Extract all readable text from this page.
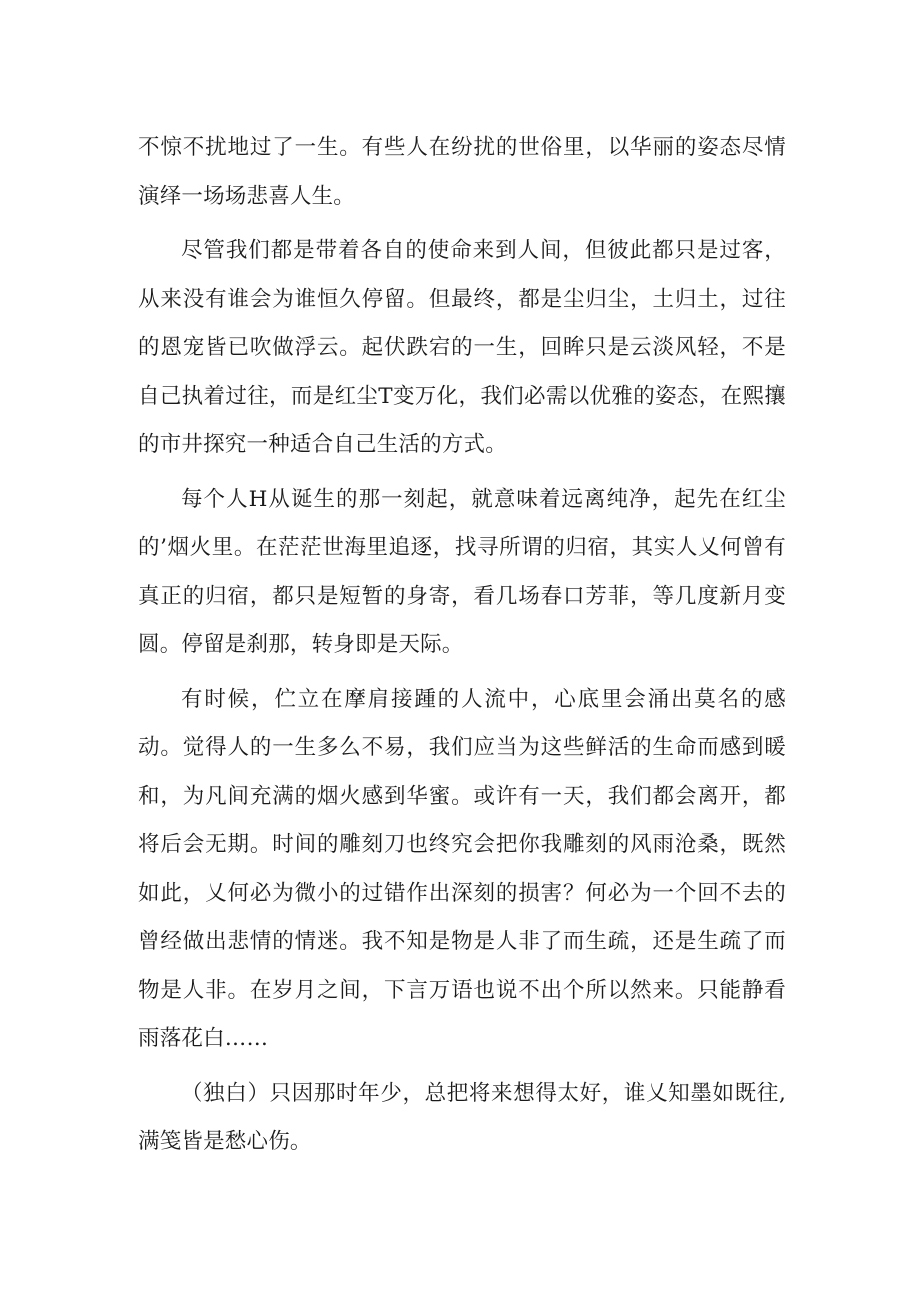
不惊不扰地过了一生。有些人在纷扰的世俗里，以华丽的姿态尽情演绎一场场悲喜人生。

尽管我们都是带着各自的使命来到人间，但彼此都只是过客，从来没有谁会为谁恒久停留。但最终，都是尘归尘，土归土，过往的恩宠皆已吹做浮云。起伏跌宕的一生，回眸只是云淡风轻，不是自己执着过往，而是红尘T变万化，我们必需以优雅的姿态，在熙攘的市井探究一种适合自己生活的方式。

每个人H从诞生的那一刻起，就意味着远离纯净，起先在红尘的’烟火里。在茫茫世海里追逐，找寻所谓的归宿，其实人乂何曾有真正的归宿，都只是短暂的身寄，看几场春口芳菲，等几度新月变圆。停留是刹那，转身即是天际。

有时候，伫立在摩肩接踵的人流中，心底里会涌出莫名的感动。觉得人的一生多么不易，我们应当为这些鲜活的生命而感到暖和，为凡间充满的烟火感到华蜜。或许有一天，我们都会离开，都将后会无期。时间的雕刻刀也终究会把你我雕刻的风雨沧桑，既然如此，乂何必为微小的过错作出深刻的损害？何必为一个回不去的曾经做出悲情的情迷。我不知是物是人非了而生疏，还是生疏了而物是人非。在岁月之间，下言万语也说不出个所以然来。只能静看雨落花白……

（独白）只因那时年少，总把将来想得太好，谁乂知墨如既往,满笺皆是愁心伤。
